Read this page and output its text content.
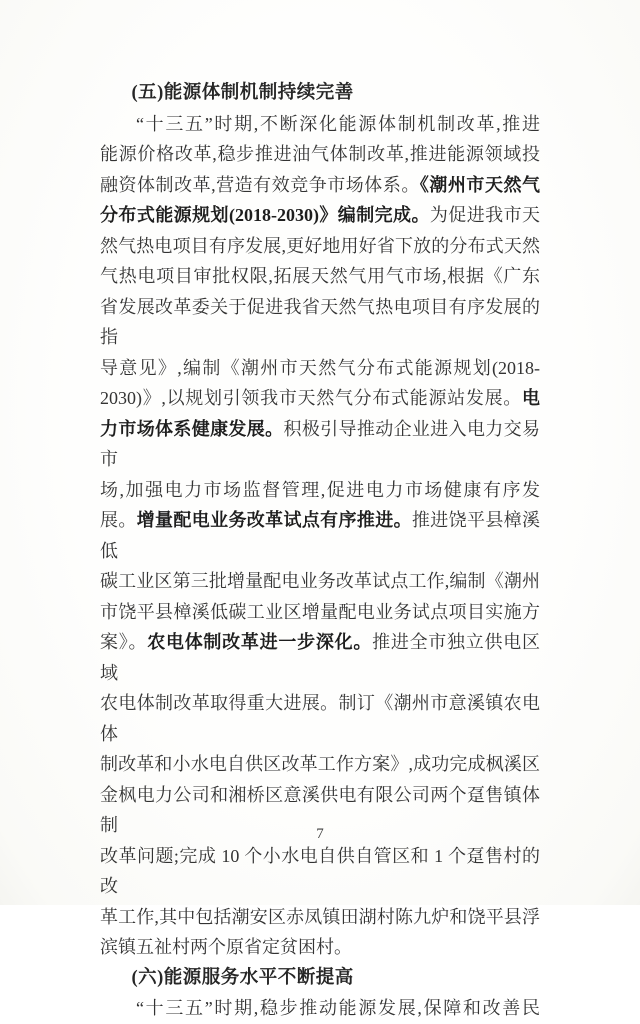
(五)能源体制机制持续完善
“十三五”时期,不断深化能源体制机制改革,推进
能源价格改革,稳步推进油气体制改革,推进能源领域投
融资体制改革,营造有效竞争市场体系。《潮州市天然气
分布式能源规划(2018-2030)》编制完成。为促进我市天
然气热电项目有序发展,更好地用好省下放的分布式天然
气热电项目审批权限,拓展天然气用气市场,根据《广东
省发展改革委关于促进我省天然气热电项目有序发展的指
导意见》,编制《潮州市天然气分布式能源规划(2018-
2030)》,以规划引领我市天然气分布式能源站发展。电
力市场体系健康发展。积极引导推动企业进入电力交易市
场,加强电力市场监督管理,促进电力市场健康有序发
展。增量配电业务改革试点有序推进。推进饶平县樟溪低
碳工业区第三批增量配电业务改革试点工作,编制《潮州
市饶平县樟溪低碳工业区增量配电业务试点项目实施方
案》。农电体制改革进一步深化。推进全市独立供电区域
农电体制改革取得重大进展。制订《潮州市意溪镇农电体
制改革和小水电自供区改革工作方案》,成功完成枫溪区
金枫电力公司和湘桥区意溪供电有限公司两个趸售镇体制
改革问题;完成 10 个小水电自供自管区和 1 个趸售村的改
革工作,其中包括潮安区赤凤镇田湖村陈九炉和饶平县浮
滨镇五祉村两个原省定贫困村。
(六)能源服务水平不断提高
“十三五”时期,稳步推动能源发展,保障和改善民
7
